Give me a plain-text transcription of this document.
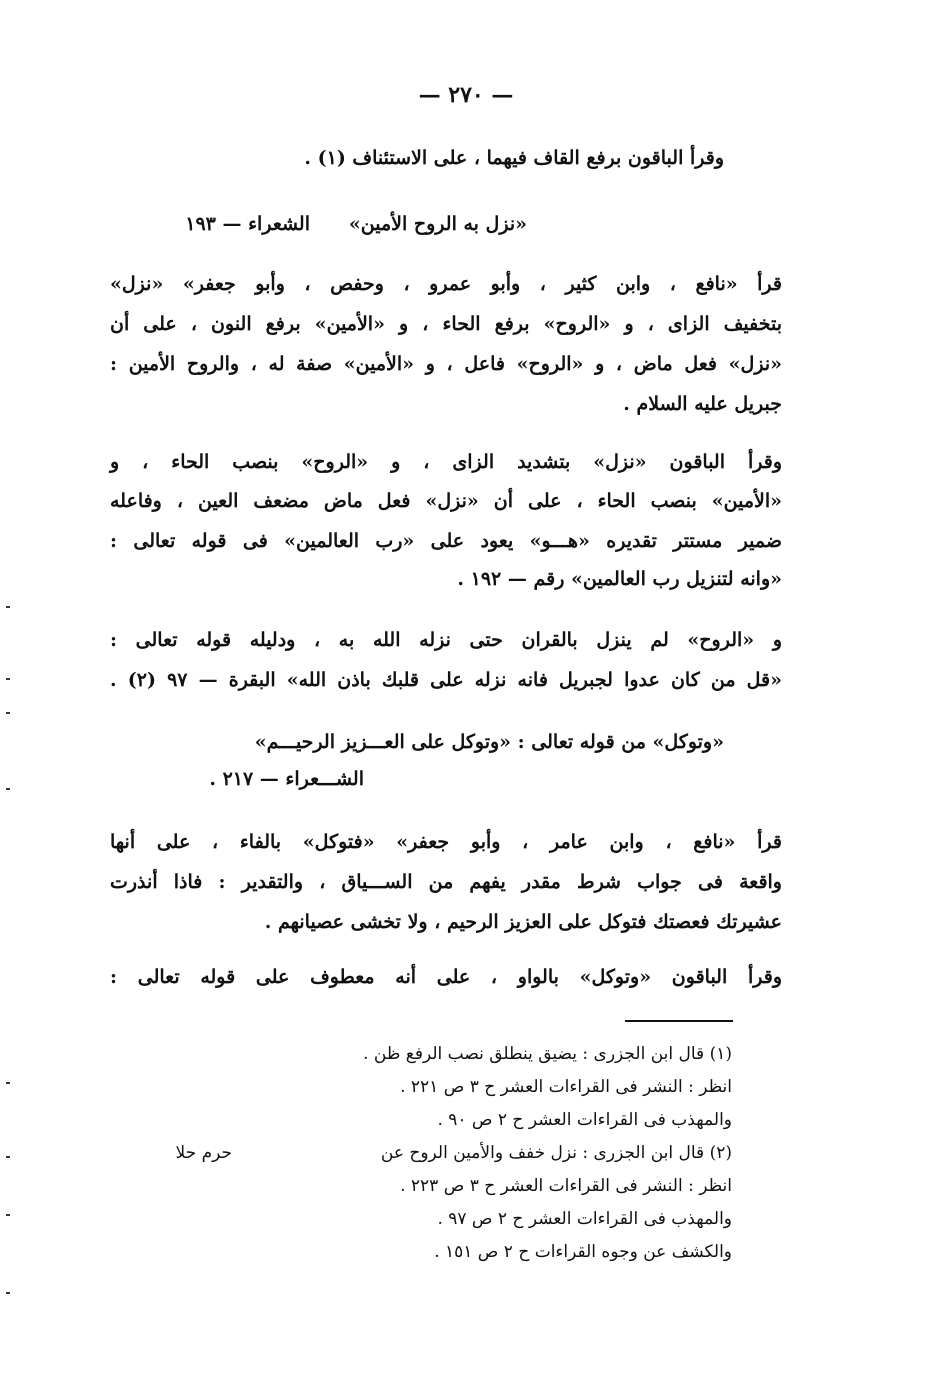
— ٢٧٠ —
وقرأ الباقون برفع القاف فيهما ، على الاستئناف (١) .
«نزل به الروح الأمين»
الشعراء — ١٩٣
قرأ «نافع ، وابن كثير ، وأبو عمرو ، وحفص ، وأبو جعفر» «نزل»
بتخفيف الزاى ، و «الروح» برفع الحاء ، و «الأمين» برفع النون ، على أن
«نزل» فعل ماض ، و «الروح» فاعل ، و «الأمين» صفة له ، والروح الأمين :
جبريل عليه السلام .
وقرأ الباقون «نزل» بتشديد الزاى ، و «الروح» بنصب الحاء ، و
«الأمين» بنصب الحاء ، على أن «نزل» فعل ماض مضعف العين ، وفاعله
ضمير مستتر تقديره «هـــو» يعود على «رب العالمين» فى قوله تعالى :
«وانه لتنزيل رب العالمين» رقم — ١٩٢ .
و «الروح» لم ينزل بالقران حتى نزله الله به ، ودليله قوله تعالى :
«قل من كان عدوا لجبريل فانه نزله على قلبك باذن الله» البقرة — ٩٧ (٢) .
«وتوكل» من قوله تعالى : «وتوكل على العـــزيز الرحيـــم»
الشـــعراء — ٢١٧ .
قرأ «نافع ، وابن عامر ، وأبو جعفر» «فتوكل» بالفاء ، على أنها
واقعة فى جواب شرط مقدر يفهم من الســـياق ، والتقدير : فاذا أنذرت
عشيرتك فعصتك فتوكل على العزيز الرحيم ، ولا تخشى عصيانهم .
وقرأ الباقون «وتوكل» بالواو ، على أنه معطوف على قوله تعالى :
(١) قال ابن الجزرى : يضيق ينطلق نصب الرفع ظن .
انظر : النشر فى القراءات العشر ح ٣ ص ٢٢١ .
والمهذب فى القراءات العشر ح ٢ ص ٩٠ .
(٢) قال ابن الجزرى : نزل خفف والأمين الروح عن
حرم حلا
انظر : النشر فى القراءات العشر ح ٣ ص ٢٢٣ .
والمهذب فى القراءات العشر ح ٢ ص ٩٧ .
والكشف عن وجوه القراءات ح ٢ ص ١٥١ .
